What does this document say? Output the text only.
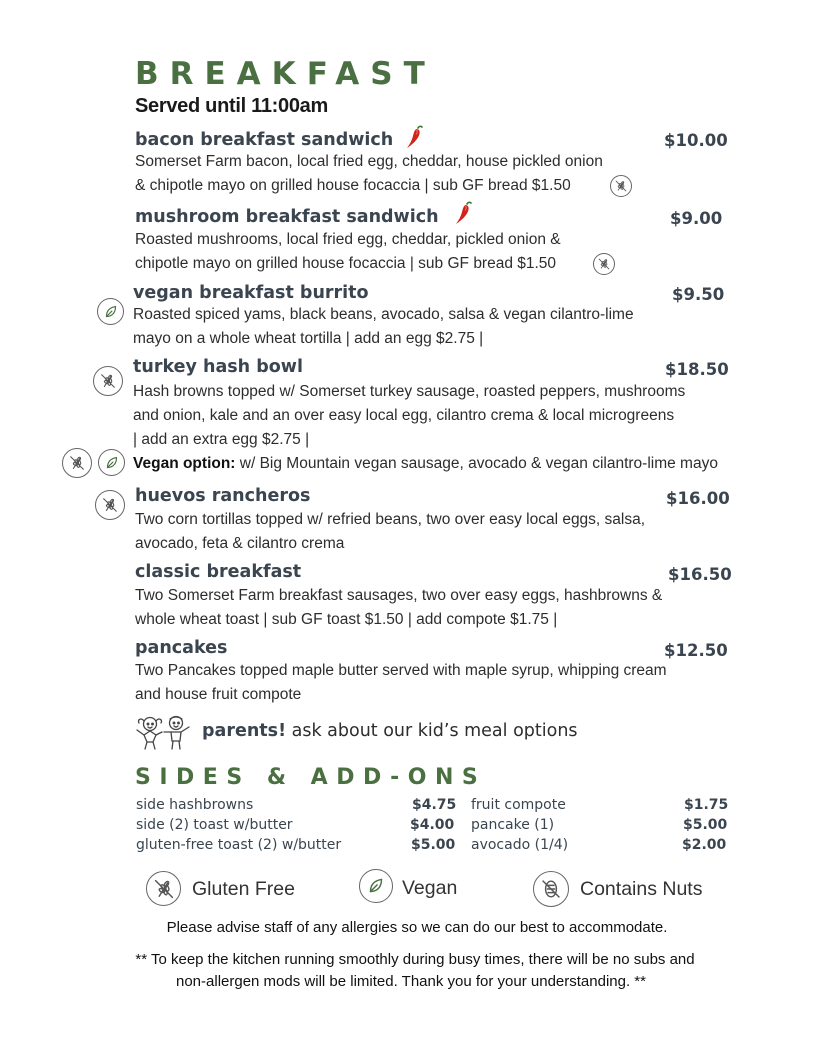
BREAKFAST
Served until 11:00am
bacon breakfast sandwich	$10.00
Somerset Farm bacon, local fried egg, cheddar, house pickled onion
& chipotle mayo on grilled house focaccia | sub GF bread $1.50
mushroom breakfast sandwich	$9.00
Roasted mushrooms, local fried egg, cheddar, pickled onion &
chipotle mayo on grilled house focaccia | sub GF bread $1.50
vegan breakfast burrito	$9.50
Roasted spiced yams, black beans, avocado, salsa & vegan cilantro-lime
mayo on a whole wheat tortilla | add an egg $2.75 |
turkey hash bowl	$18.50
Hash browns topped w/ Somerset turkey sausage, roasted peppers, mushrooms
and onion, kale and an over easy local egg, cilantro crema & local microgreens
| add an extra egg $2.75 |
Vegan option: w/ Big Mountain vegan sausage, avocado & vegan cilantro-lime mayo
huevos rancheros	$16.00
Two corn tortillas topped w/ refried beans, two over easy local eggs, salsa,
avocado, feta & cilantro crema
classic breakfast	$16.50
Two Somerset Farm breakfast sausages, two over easy eggs, hashbrowns &
whole wheat toast | sub GF toast $1.50 | add compote $1.75 |
pancakes	$12.50
Two Pancakes topped maple butter served with maple syrup, whipping cream
and house fruit compote
parents! ask about our kid’s meal options
SIDES & ADD-ONS
side hashbrowns	$4.75
side (2) toast w/butter	$4.00
gluten-free toast (2) w/butter	$5.00
fruit compote	$1.75
pancake (1)	$5.00
avocado (1/4)	$2.00
Gluten Free	Vegan	Contains Nuts
Please advise staff of any allergies so we can do our best to accommodate.
** To keep the kitchen running smoothly during busy times, there will be no subs and
non-allergen mods will be limited. Thank you for your understanding. **
